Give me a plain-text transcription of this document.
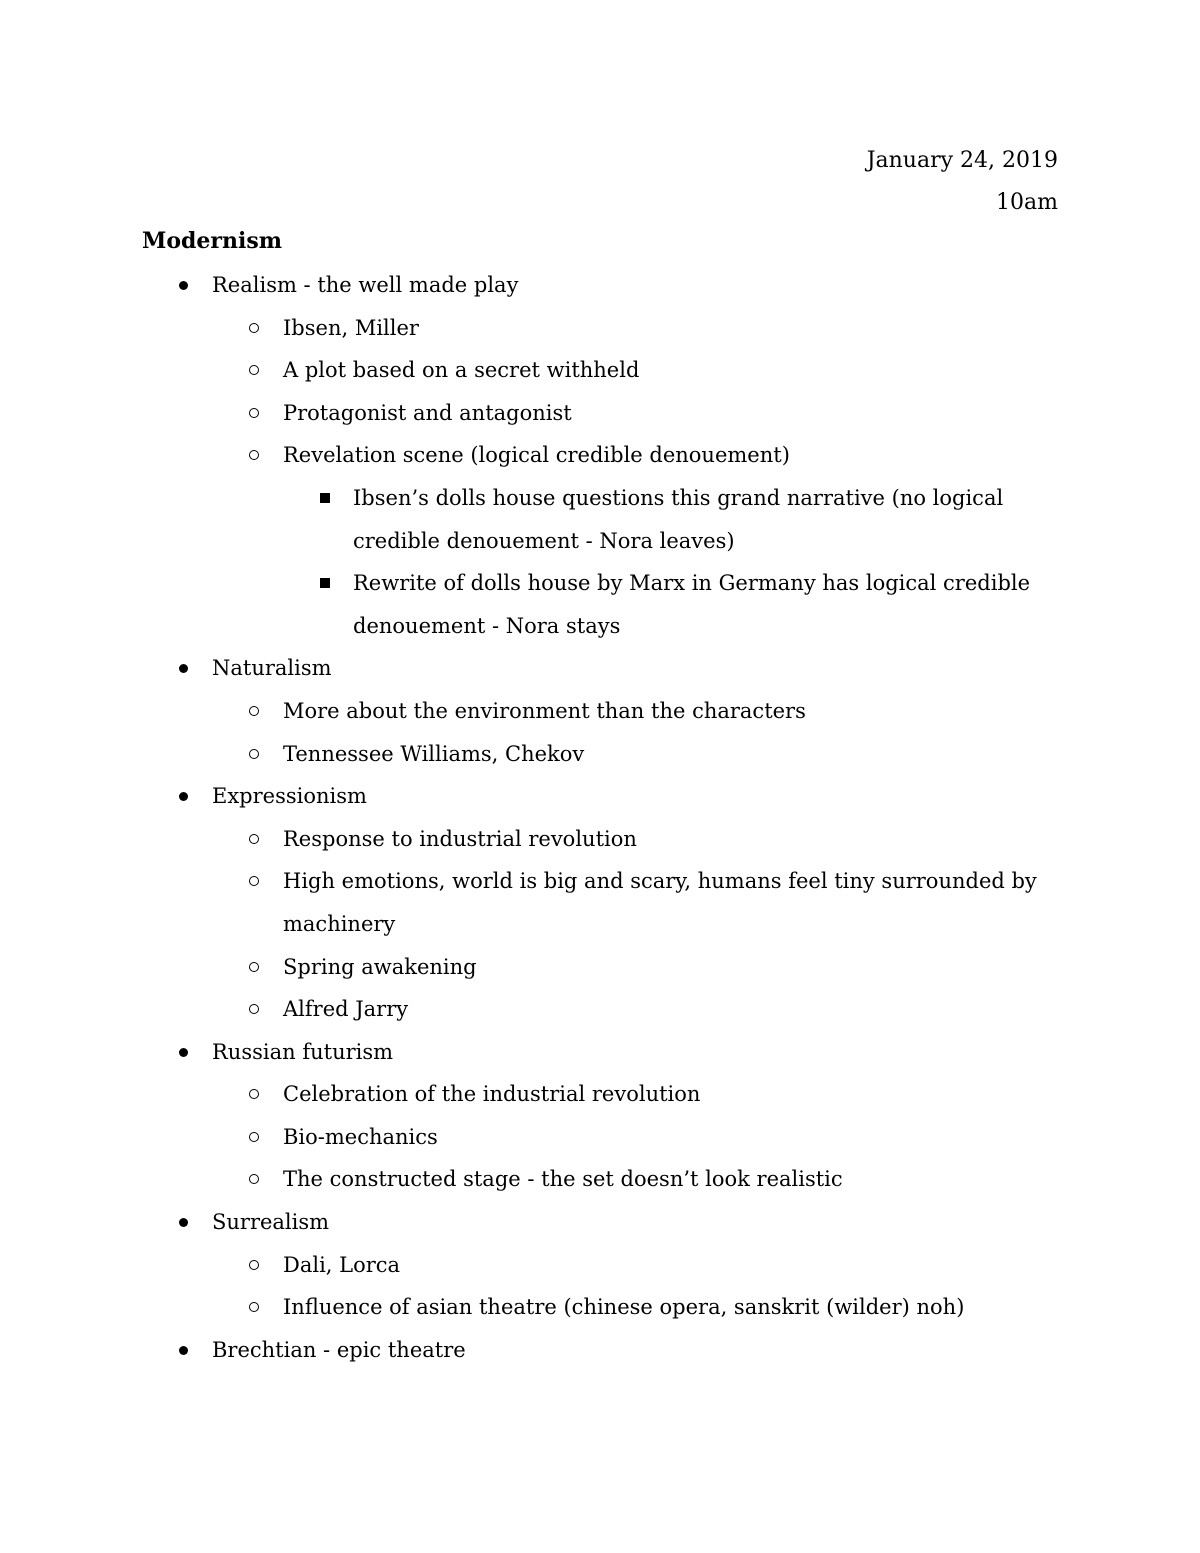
January 24, 2019
10am
Modernism
Realism - the well made play
Ibsen, Miller
A plot based on a secret withheld
Protagonist and antagonist
Revelation scene (logical credible denouement)
Ibsen’s dolls house questions this grand narrative (no logical credible denouement - Nora leaves)
Rewrite of dolls house by Marx in Germany has logical credible denouement - Nora stays
Naturalism
More about the environment than the characters
Tennessee Williams, Chekov
Expressionism
Response to industrial revolution
High emotions, world is big and scary, humans feel tiny surrounded by machinery
Spring awakening
Alfred Jarry
Russian futurism
Celebration of the industrial revolution
Bio-mechanics
The constructed stage - the set doesn’t look realistic
Surrealism
Dali, Lorca
Influence of asian theatre (chinese opera, sanskrit (wilder) noh)
Brechtian - epic theatre
